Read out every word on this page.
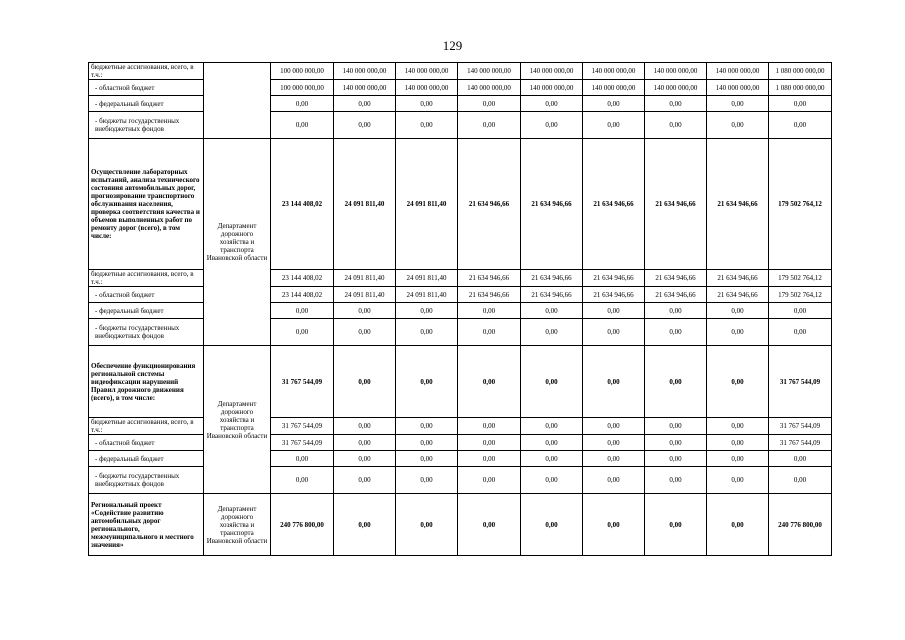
129
бюджетные ассигнования, всего, в т.ч.:		100 000 000,00	140 000 000,00	140 000 000,00	140 000 000,00	140 000 000,00	140 000 000,00	140 000 000,00	140 000 000,00	1 080 000 000,00
- областной бюджет		100 000 000,00	140 000 000,00	140 000 000,00	140 000 000,00	140 000 000,00	140 000 000,00	140 000 000,00	140 000 000,00	1 080 000 000,00
- федеральный бюджет		0,00	0,00	0,00	0,00	0,00	0,00	0,00	0,00	0,00
- бюджеты государственных внебюджетных фондов		0,00	0,00	0,00	0,00	0,00	0,00	0,00	0,00	0,00
Осуществление лабораторных испытаний, анализа технического состояния автомобильных дорог, прогнозирование транспортного обслуживания населения, проверка соответствия качества и объемов выполненных работ по ремонту дорог (всего), в том числе:	Департамент дорожного хозяйства и транспорта Ивановской области	23 144 408,02	24 091 811,40	24 091 811,40	21 634 946,66	21 634 946,66	21 634 946,66	21 634 946,66	21 634 946,66	179 502 764,12
бюджетные ассигнования, всего, в т.ч.:		23 144 408,02	24 091 811,40	24 091 811,40	21 634 946,66	21 634 946,66	21 634 946,66	21 634 946,66	21 634 946,66	179 502 764,12
- областной бюджет		23 144 408,02	24 091 811,40	24 091 811,40	21 634 946,66	21 634 946,66	21 634 946,66	21 634 946,66	21 634 946,66	179 502 764,12
- федеральный бюджет		0,00	0,00	0,00	0,00	0,00	0,00	0,00	0,00	0,00
- бюджеты государственных внебюджетных фондов		0,00	0,00	0,00	0,00	0,00	0,00	0,00	0,00	0,00
Обеспечение функционирования региональной системы видеофиксации нарушений Правил дорожного движения (всего), в том числе:	Департамент дорожного хозяйства и транспорта Ивановской области	31 767 544,09	0,00	0,00	0,00	0,00	0,00	0,00	0,00	31 767 544,09
бюджетные ассигнования, всего, в т.ч.:		31 767 544,09	0,00	0,00	0,00	0,00	0,00	0,00	0,00	31 767 544,09
- областной бюджет		31 767 544,09	0,00	0,00	0,00	0,00	0,00	0,00	0,00	31 767 544,09
- федеральный бюджет		0,00	0,00	0,00	0,00	0,00	0,00	0,00	0,00	0,00
- бюджеты государственных внебюджетных фондов		0,00	0,00	0,00	0,00	0,00	0,00	0,00	0,00	0,00
Региональный проект «Содействие развитию автомобильных дорог регионального, межмуниципального и местного значения»	Департамент дорожного хозяйства и транспорта Ивановской области	240 776 800,00	0,00	0,00	0,00	0,00	0,00	0,00	0,00	240 776 800,00
